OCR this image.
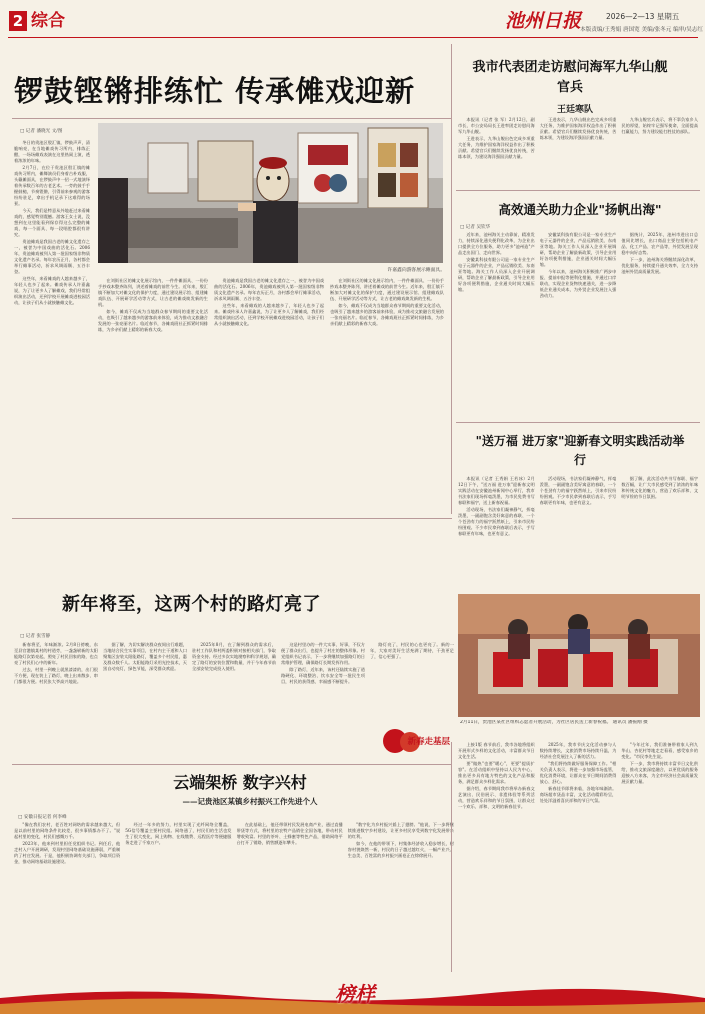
2 综合	池州日报	2026—2—13 星期五
本版责编/王秀娟 唐国宽 美编/张冬元 编审/吴志红
锣鼓铿锵排练忙 传承傩戏迎新
□ 记者 潘晓光 文/图

冬日的贵池区殷汇镇，锣鼓声声，清脆响亮，在当地傩戏传习所内，排练正酣，一场场傩戏表演在这里热闹上演，透着浓浓的年味。

2月7日，在位于贵池区殷汇镇的傩戏传习所内，傩舞演员们身着古朴戏服，头戴傩面具，在锣鼓声中一招一式地演绎着传承数百年的古老艺术。一旁的鼓手手握鼓槌，节奏铿锵，引得前来参观的游客纷纷驻足，拿出手机记录下这难得的场景。

今天，我们是特意从外地赶过来看傩戏的，感觉特别震撼。游客王女士说，没想到在这里能看到保存得这么完整的傩戏，每一个面具、每一段唱腔都很有讲究。

贵池傩戏是我国古老的傩文化遗存之一，被誉为中国戏曲的活化石。2006年，贵池傩戏被列入第一批国家级非物质文化遗产名录。每年农历正月，各村都会举行傩事活动，祈求风调雨顺、五谷丰登。

这些年，来看傩戏的人越来越多了，年轻人也多了起来。傩戏传承人许嘉鑫说，为了让更多人了解傩戏，我们经常组织演出活动，还到学校开展傩戏进校园活动，让孩子们从小就接触傩文化。

许嘉鑫向游客展示傩面具。

在刘街社区的傩文化展示馆内，一件件傩面具、一份份手抄戏本整齐陈列，讲述着傩戏的前世今生。近年来，殷汇镇不断加大对傩文化的保护力度，通过建设展示馆、组建傩戏队伍、开展研学活动等方式，让古老的傩戏焕发新的生机。

如今，傩戏不仅成为当地群众春节期间的重要文化活动，也吸引了越来越多的游客前来体验，成为推动文旅融合发展的一张亮丽名片。临近春节，各傩戏班社正抓紧时间排练，为乡亲们献上精彩的新春大戏。

贵池傩戏是我国古老的傩文化遗存之一，被誉为中国戏曲的活化石。2006年，贵池傩戏被列入第一批国家级非物质文化遗产名录。每年农历正月，各村都会举行傩事活动，祈求风调雨顺、五谷丰登。

这些年，来看傩戏的人越来越多了，年轻人也多了起来。傩戏传承人许嘉鑫说，为了让更多人了解傩戏，我们经常组织演出活动，还到学校开展傩戏进校园活动，让孩子们从小就接触傩文化。

在刘街社区的傩文化展示馆内，一件件傩面具、一份份手抄戏本整齐陈列，讲述着傩戏的前世今生。近年来，殷汇镇不断加大对傩文化的保护力度，通过建设展示馆、组建傩戏队伍、开展研学活动等方式，让古老的傩戏焕发新的生机。

如今，傩戏不仅成为当地群众春节期间的重要文化活动，也吸引了越来越多的游客前来体验，成为推动文旅融合发展的一张亮丽名片。临近春节，各傩戏班社正抓紧时间排练，为乡亲们献上精彩的新春大戏。

我市代表团走访慰问海军九华山舰官兵
王廷寒队

本报讯（记者 张 军）2月12日，副市长、市公安局局长王进率团走访慰问海军九华山舰。

王进表示，九华山舰出色完成多项重大任务，为维护国家海洋权益作出了积极贡献。希望官兵们继续发扬优良传统，苦练本领，为建设海洋强国贡献力量。

王进表示，九华山舰出色完成多项重大任务，为维护国家海洋权益作出了积极贡献。希望官兵们继续发扬优良传统，苦练本领，为建设海洋强国贡献力量。

九华山舰官兵表示，将不辜负家乡人民的厚望，始终牢记强军使命，全面提高打赢能力，努力建设能打胜仗的部队。

高效通关助力企业"扬帆出海"
□ 记者 吴钦华

近年来，池州海关主动靠前，精准发力，持续深化通关便利化改革，为企业出口提供全方位服务，助力更多"池州造"产品走出国门、走向世界。

安徽某科技有限公司是一家专业生产电子元器件的企业，产品远销欧美、东南亚等地。海关工作人员深入企业开展调研，帮助企业了解最新政策，引导企业用好各项便利措施，企业通关时间大幅压缩。

安徽某科技有限公司是一家专业生产电子元器件的企业，产品远销欧美、东南亚等地。海关工作人员深入企业开展调研，帮助企业了解最新政策，引导企业用好各项便利措施，企业通关时间大幅压缩。

今年以来，池州海关积极推广两步申报、提前申报等便利化措施，并通过口岸联动，实现企业货物快速通关，进一步降低企业通关成本，为外贸企业发展注入强劲动力。

据统计，2025年，池州市进出口总值同比增长，出口商品主要包括机电产品、化工产品、农产品等，外贸发展呈现稳中向好态势。

下一步，池州海关将继续深化改革，优化服务，持续提升通关效率，全力支持池州外贸高质量发展。

"送万福 进万家"迎新春文明实践活动举行

本报讯（记者 王秀娟 王若冰）2月12日下午，"送万福 进万家"迎新春文明实践活动在安徽池州新闻中心举行，我市书法家们现场挥毫泼墨，为市民免费书写春联和福字，送上新春祝福。

活动现场，书法家们凝神静气，挥毫泼墨，一副副饱含美好寓意的春联、一个个苍劲有力的福字跃然纸上，引来市民纷纷围观。不少市民拿到春联后表示，手写春联更有年味，也更有意义。

活动现场，书法家们凝神静气，挥毫泼墨，一副副饱含美好寓意的春联、一个个苍劲有力的福字跃然纸上，引来市民纷纷围观。不少市民拿到春联后表示，手写春联更有年味，也更有意义。

据了解，此次活动共书写春联、福字数百幅，让广大市民感受到了浓浓的年味和传统文化的魅力，营造了欢乐祥和、文明节俭的节日氛围。

2月11日，贵池区某社区组织志愿者开展活动，为社区居民送上新春祝福。 通讯员 潘振刚 摄
新年将至，这两个村的路灯亮了
□ 记者 张雪静

新春将至，年味渐浓。2月8日傍晚，东至县官港镇某村的村道旁，一盏盏崭新的太阳能路灯次第亮起，照亮了村民回家的路，也点亮了村民们心中的新年。

过去，村里一到晚上就黑漆漆的，出门很不方便，现在装上了路灯，晚上出来散步、串门都很方便。村民张大爷高兴地说。

据了解，为切实解决群众夜间出行难题，当地结合民生实事项目，在村内主干道和人口聚集区安装太阳能路灯，覆盖多个村民组，惠及群众数千人。太阳能路灯采用光控技术，天黑自动亮灯，绿色节能，深受群众欢迎。

2025年8月，在了解到群众的需求后，驻村工作队和村两委积极对接相关部门，争取资金支持。经过多次实地勘察和科学规划，确定了路灯的安装位置和数量，并于今年春节前全部安装完成投入使用。

这是村里办的一件大实事、好事，不仅方便了群众出行，也提升了村庄的整体形象。村党组织书记表示，下一步将继续加强路灯的日常维护管理，确保路灯长期发挥作用。

除了路灯，近年来，该村还陆续实施了道路硬化、环境整治、饮水安全等一批民生项目，村民的获得感、幸福感不断提升。

路灯亮了，村民的心也更亮了。新的一年，大家对美好生活充满了期待，干劲更足了，信心更强了。

新春走基层
云端架桥 数字兴村
——记贵池区某镇乡村振兴工作先进个人
□ 安徽日报记者 何李峰

"像在我们农村，老百姓对网络的需求越来越大，但是以前村里的网络条件比较差，很多事情都办不了。"说起村里的变化，村民们感慨万千。

2023年，他来到村里担任党组织书记。到任后，他走村入户开展调研，发现村里网络基础设施薄弱，严重制约了村庄发展。于是，他积极协调有关部门，争取项目资金，推动网络基础设施建设。

经过一年多的努力，村里实现了光纤网络全覆盖，5G信号覆盖主要村民组。网络通了，村民们的生活也发生了很大变化，网上购物、在线缴费、远程医疗等便捷服务走进了千家万户。

在此基础上，他还带领村民发展电商产业，通过直播带货等方式，将村里的农特产品销往全国各地，带动村民增收致富。村里的茶叶、土蜂蜜等特色产品，借助网络平台打开了销路，销售额逐年攀升。

"数字化为乡村振兴插上了翅膀。"他说，下一步将继续推进数字乡村建设，让更多村民享受到数字化发展带来的红利。

如今，在他的带领下，村集体经济收入稳步增长，村容村貌焕然一新，村民的日子越过越红火，一幅产业兴、生态美、百姓富的乡村振兴画卷正在徐徐展开。

上接1版 春节前后，我市各地将组织开展形式多样的文化活动，丰富群众节日文化生活。

要"做热"也要"暖心"，更要"提质扩容"。在活动组织中坚持以人民为中心，推出更多具有地方特色的文化产品和服务，满足群众多样化需求。

据介绍，春节期间我市将举办新春文艺演出、民俗展示、非遗体验等系列活动，营造欢乐祥和的节日氛围，让群众过一个欢乐、祥和、文明的新春佳节。

2025年，我市节庆文化活动参与人数持续增长，文旅消费市场持续升温，为经济社会发展注入了新的活力。

"我们将持续做好服务保障工作。"相关负责人表示，将进一步加强市场监管，优化消费环境，让群众在节日期间消费得放心、舒心。

新春佳节即将来临，各地年味渐浓。商场超市货品丰富，文化活动精彩纷呈，处处洋溢着喜庆祥和的节日气氛。

"今年过年，我们准备带着家人到九华山、杏花村等地走走看看，感受家乡的变化。"市民李先生说。

下一步，我市将持续丰富节日文化供给，推动文旅深度融合，以更优质的服务迎接八方来客，为全市经济社会高质量发展贡献力量。

榜样
